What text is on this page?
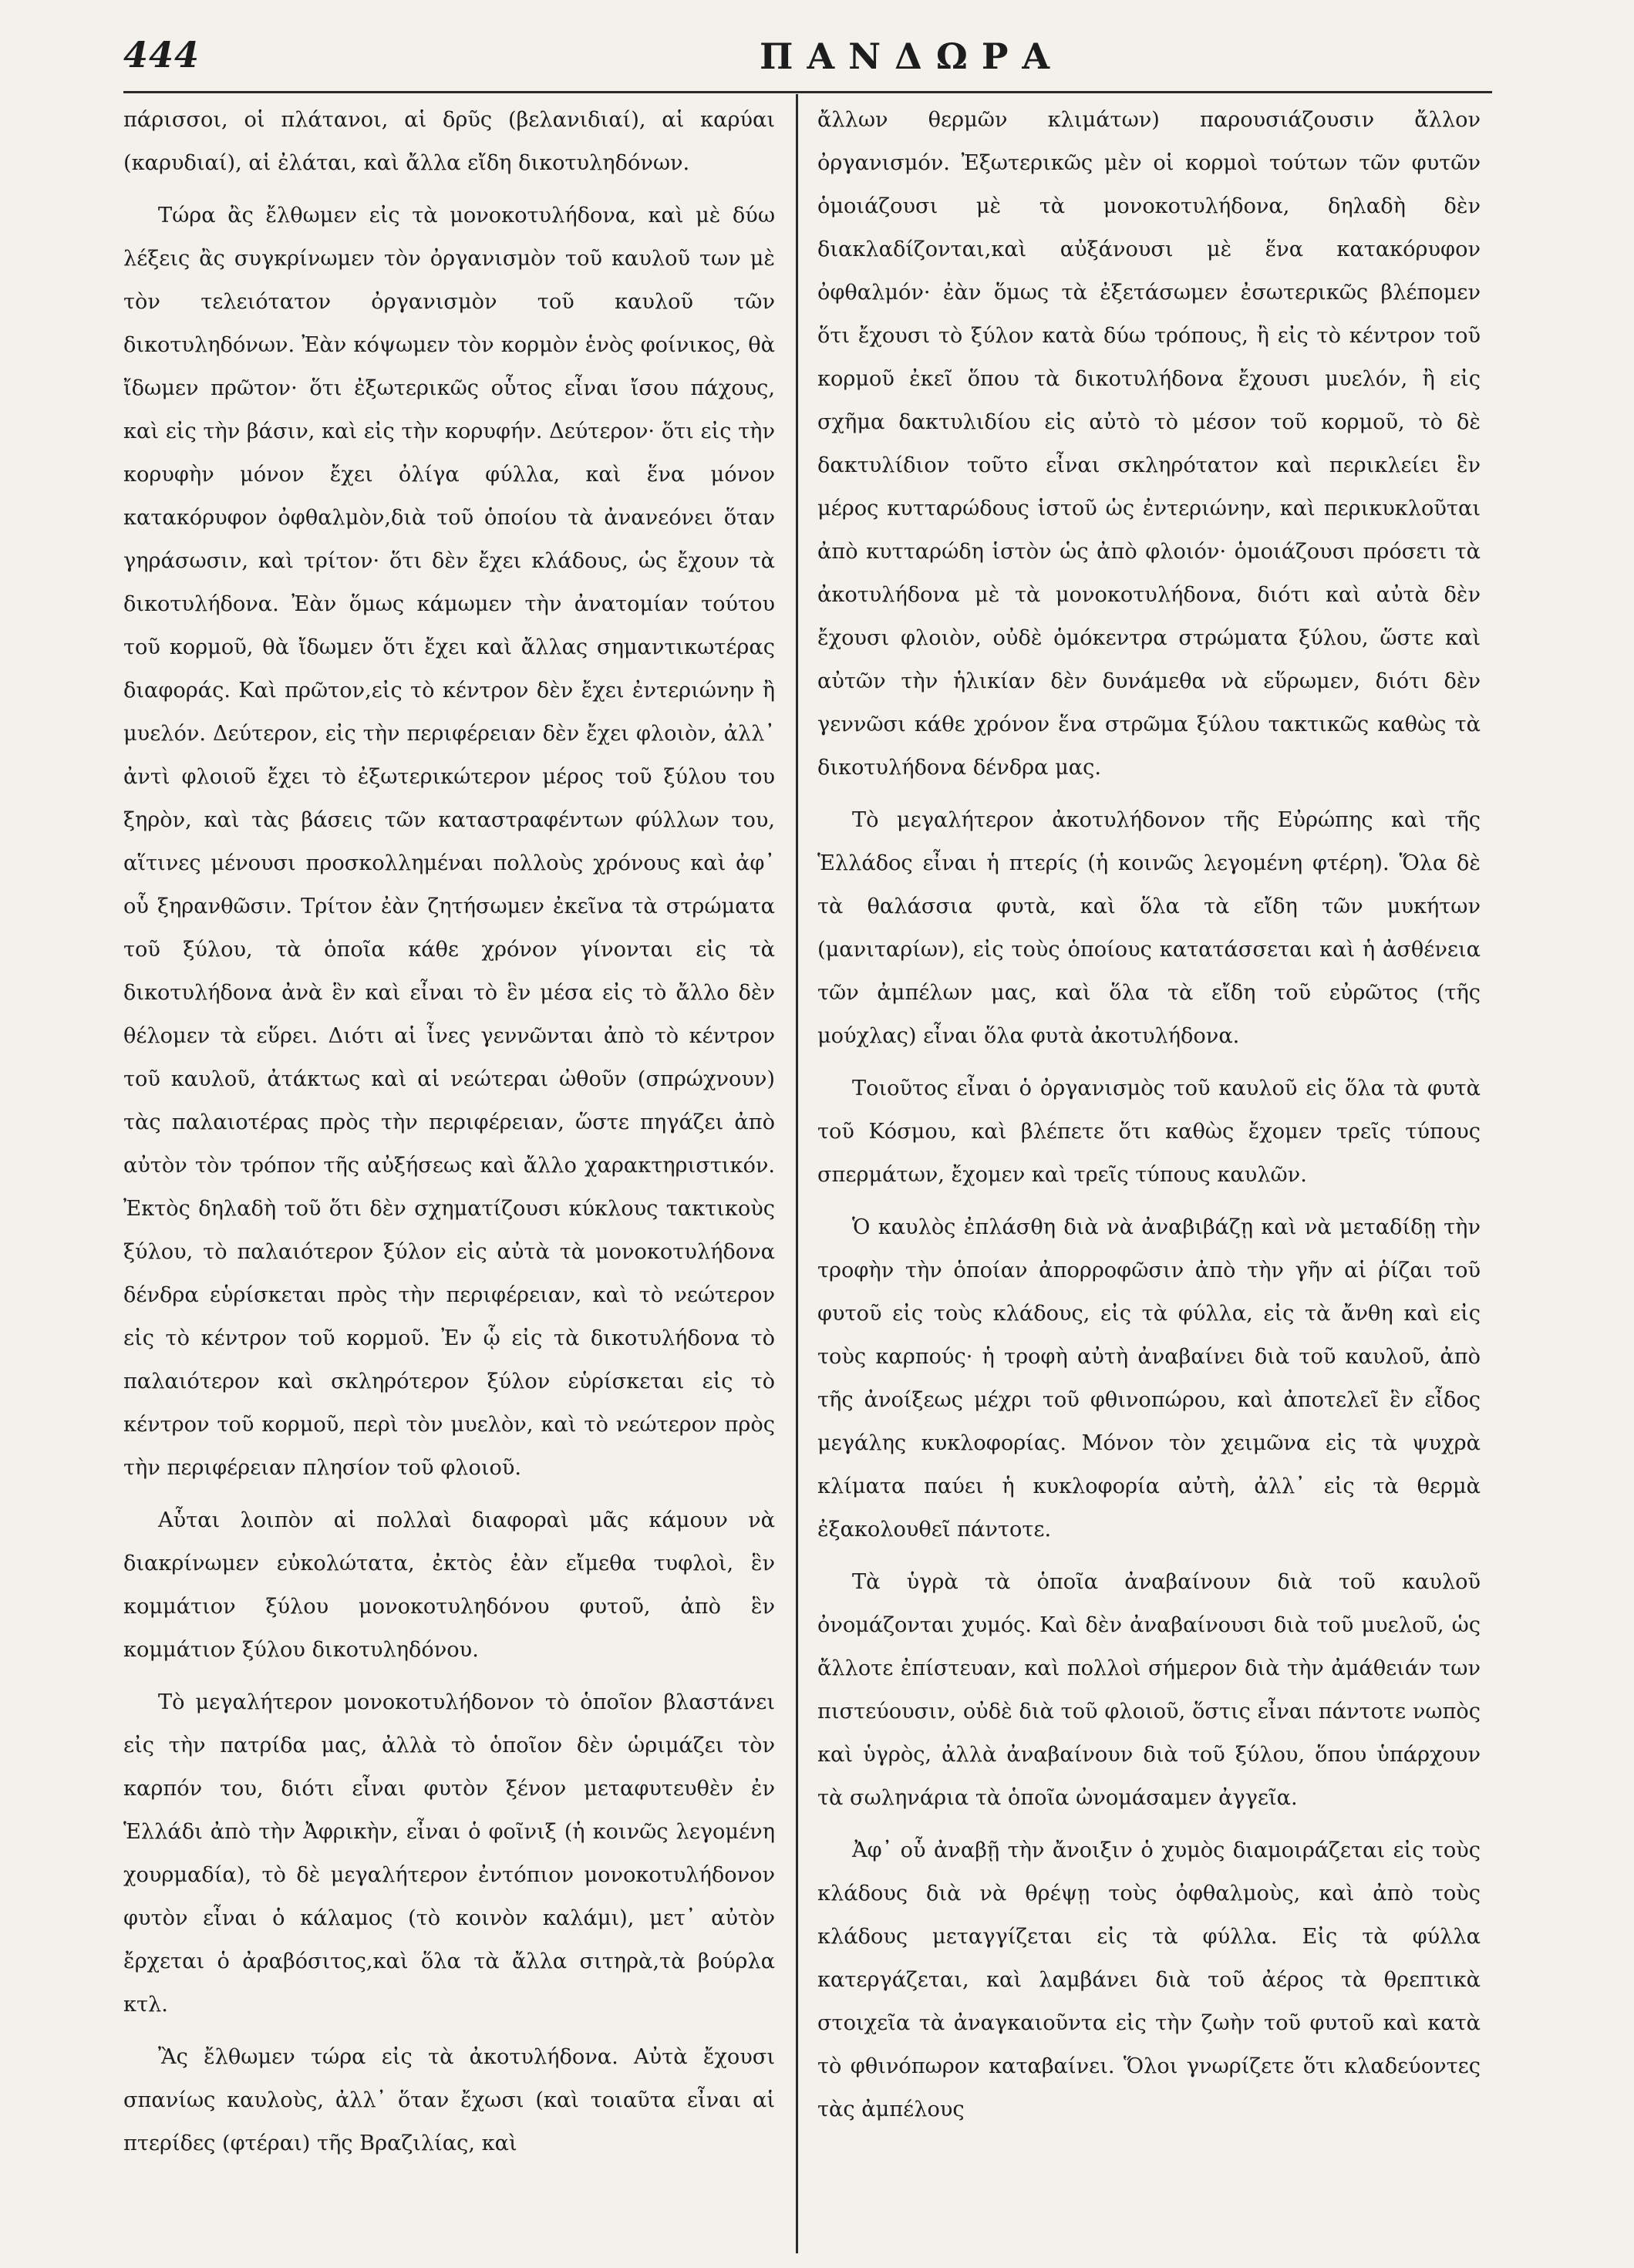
444	ΠΑΝΔΩΡΑ

πάρισσοι, οἱ πλάτανοι, αἱ δρῦς (βελανιδιαί), αἱ καρύαι (καρυδιαί), αἱ ἐλάται, καὶ ἄλλα εἴδη δικοτυληδόνων.

Τώρα ἂς ἔλθωμεν εἰς τὰ μονοκοτυλήδονα, καὶ μὲ δύω λέξεις ἂς συγκρίνωμεν τὸν ὀργανισμὸν τοῦ καυλοῦ των μὲ τὸν τελειότατον ὀργανισμὸν τοῦ καυλοῦ τῶν δικοτυληδόνων. Ἐὰν κόψωμεν τὸν κορμὸν ἑνὸς φοίνικος, θὰ ἴδωμεν πρῶτον· ὅτι ἐξωτερικῶς οὗτος εἶναι ἴσου πάχους, καὶ εἰς τὴν βάσιν, καὶ εἰς τὴν κορυφήν. Δεύτερον· ὅτι εἰς τὴν κορυφὴν μόνον ἔχει ὀλίγα φύλλα, καὶ ἕνα μόνον κατακόρυφον ὀφθαλμὸν,διὰ τοῦ ὁποίου τὰ ἀνανεόνει ὅταν γηράσωσιν, καὶ τρίτον· ὅτι δὲν ἔχει κλάδους, ὡς ἔχουν τὰ δικοτυλήδονα. Ἐὰν ὅμως κάμωμεν τὴν ἀνατομίαν τούτου τοῦ κορμοῦ, θὰ ἴδωμεν ὅτι ἔχει καὶ ἄλλας σημαντικωτέρας διαφοράς. Καὶ πρῶτον,εἰς τὸ κέντρον δὲν ἔχει ἐντεριώνην ἢ μυελόν. Δεύτερον, εἰς τὴν περιφέρειαν δὲν ἔχει φλοιὸν, ἀλλ᾽ ἀντὶ φλοιοῦ ἔχει τὸ ἐξωτερικώτερον μέρος τοῦ ξύλου του ξηρὸν, καὶ τὰς βάσεις τῶν καταστραφέντων φύλλων του, αἵτινες μένουσι προσκολλημέναι πολλοὺς χρόνους καὶ ἀφ᾽ οὗ ξηρανθῶσιν. Τρίτον ἐὰν ζητήσωμεν ἐκεῖνα τὰ στρώματα τοῦ ξύλου, τὰ ὁποῖα κάθε χρόνον γίνονται εἰς τὰ δικοτυλήδονα ἀνὰ ἓν καὶ εἶναι τὸ ἓν μέσα εἰς τὸ ἄλλο δὲν θέλομεν τὰ εὕρει. Διότι αἱ ἶνες γεννῶνται ἀπὸ τὸ κέντρον τοῦ καυλοῦ, ἀτάκτως καὶ αἱ νεώτεραι ὠθοῦν (σπρώχνουν) τὰς παλαιοτέρας πρὸς τὴν περιφέρειαν, ὥστε πηγάζει ἀπὸ αὐτὸν τὸν τρόπον τῆς αὐξήσεως καὶ ἄλλο χαρακτηριστικόν. Ἐκτὸς δηλαδὴ τοῦ ὅτι δὲν σχηματίζουσι κύκλους τακτικοὺς ξύλου, τὸ παλαιότερον ξύλον εἰς αὐτὰ τὰ μονοκοτυλήδονα δένδρα εὑρίσκεται πρὸς τὴν περιφέρειαν, καὶ τὸ νεώτερον εἰς τὸ κέντρον τοῦ κορμοῦ. Ἐν ᾧ εἰς τὰ δικοτυλήδονα τὸ παλαιότερον καὶ σκληρότερον ξύλον εὑρίσκεται εἰς τὸ κέντρον τοῦ κορμοῦ, περὶ τὸν μυελὸν, καὶ τὸ νεώτερον πρὸς τὴν περιφέρειαν πλησίον τοῦ φλοιοῦ.

Αὗται λοιπὸν αἱ πολλαὶ διαφοραὶ μᾶς κάμουν νὰ διακρίνωμεν εὐκολώτατα, ἐκτὸς ἐὰν εἴμεθα τυφλοὶ, ἓν κομμάτιον ξύλου μονοκοτυληδόνου φυτοῦ, ἀπὸ ἓν κομμάτιον ξύλου δικοτυληδόνου.

Τὸ μεγαλήτερον μονοκοτυλήδονον τὸ ὁποῖον βλαστάνει εἰς τὴν πατρίδα μας, ἀλλὰ τὸ ὁποῖον δὲν ὡριμάζει τὸν καρπόν του, διότι εἶναι φυτὸν ξένον μεταφυτευθὲν ἐν Ἑλλάδι ἀπὸ τὴν Ἀφρικὴν, εἶναι ὁ φοῖνιξ (ἡ κοινῶς λεγομένη χουρμαδία), τὸ δὲ μεγαλήτερον ἐντόπιον μονοκοτυλήδονον φυτὸν εἶναι ὁ κάλαμος (τὸ κοινὸν καλάμι), μετ᾽ αὐτὸν ἔρχεται ὁ ἀραβόσιτος,καὶ ὅλα τὰ ἄλλα σιτηρὰ,τὰ βούρλα κτλ.

Ἂς ἔλθωμεν τώρα εἰς τὰ ἀκοτυλήδονα. Αὐτὰ ἔχουσι σπανίως καυλοὺς, ἀλλ᾽ ὅταν ἔχωσι (καὶ τοιαῦτα εἶναι αἱ πτερίδες (φτέραι) τῆς Βραζιλίας, καὶ

ἄλλων θερμῶν κλιμάτων) παρουσιάζουσιν ἄλλον ὀργανισμόν. Ἐξωτερικῶς μὲν οἱ κορμοὶ τούτων τῶν φυτῶν ὁμοιάζουσι μὲ τὰ μονοκοτυλήδονα, δηλαδὴ δὲν διακλαδίζονται,καὶ αὐξάνουσι μὲ ἕνα κατακόρυφον ὀφθαλμόν· ἐὰν ὅμως τὰ ἐξετάσωμεν ἐσωτερικῶς βλέπομεν ὅτι ἔχουσι τὸ ξύλον κατὰ δύω τρόπους, ἢ εἰς τὸ κέντρον τοῦ κορμοῦ ἐκεῖ ὅπου τὰ δικοτυλήδονα ἔχουσι μυελόν, ἢ εἰς σχῆμα δακτυλιδίου εἰς αὐτὸ τὸ μέσον τοῦ κορμοῦ, τὸ δὲ δακτυλίδιον τοῦτο εἶναι σκληρότατον καὶ περικλείει ἓν μέρος κυτταρώδους ἱστοῦ ὡς ἐντεριώνην, καὶ περικυκλοῦται ἀπὸ κυτταρώδη ἱστὸν ὡς ἀπὸ φλοιόν· ὁμοιάζουσι πρόσετι τὰ ἀκοτυλήδονα μὲ τὰ μονοκοτυλήδονα, διότι καὶ αὐτὰ δὲν ἔχουσι φλοιὸν, οὐδὲ ὁμόκεντρα στρώματα ξύλου, ὥστε καὶ αὐτῶν τὴν ἡλικίαν δὲν δυνάμεθα νὰ εὕρωμεν, διότι δὲν γεννῶσι κάθε χρόνον ἕνα στρῶμα ξύλου τακτικῶς καθὼς τὰ δικοτυλήδονα δένδρα μας.

Τὸ μεγαλήτερον ἀκοτυλήδονον τῆς Εὐρώπης καὶ τῆς Ἑλλάδος εἶναι ἡ πτερίς (ἡ κοινῶς λεγομένη φτέρη). Ὅλα δὲ τὰ θαλάσσια φυτὰ, καὶ ὅλα τὰ εἴδη τῶν μυκήτων (μανιταρίων), εἰς τοὺς ὁποίους κατατάσσεται καὶ ἡ ἀσθένεια τῶν ἀμπέλων μας, καὶ ὅλα τὰ εἴδη τοῦ εὐρῶτος (τῆς μούχλας) εἶναι ὅλα φυτὰ ἀκοτυλήδονα.

Τοιοῦτος εἶναι ὁ ὀργανισμὸς τοῦ καυλοῦ εἰς ὅλα τὰ φυτὰ τοῦ Κόσμου, καὶ βλέπετε ὅτι καθὼς ἔχομεν τρεῖς τύπους σπερμάτων, ἔχομεν καὶ τρεῖς τύπους καυλῶν.

Ὁ καυλὸς ἐπλάσθη διὰ νὰ ἀναβιβάζῃ καὶ νὰ μεταδίδῃ τὴν τροφὴν τὴν ὁποίαν ἀπορροφῶσιν ἀπὸ τὴν γῆν αἱ ῥίζαι τοῦ φυτοῦ εἰς τοὺς κλάδους, εἰς τὰ φύλλα, εἰς τὰ ἄνθη καὶ εἰς τοὺς καρπούς· ἡ τροφὴ αὐτὴ ἀναβαίνει διὰ τοῦ καυλοῦ, ἀπὸ τῆς ἀνοίξεως μέχρι τοῦ φθινοπώρου, καὶ ἀποτελεῖ ἓν εἶδος μεγάλης κυκλοφορίας. Μόνον τὸν χειμῶνα εἰς τὰ ψυχρὰ κλίματα παύει ἡ κυκλοφορία αὐτὴ, ἀλλ᾽ εἰς τὰ θερμὰ ἐξακολουθεῖ πάντοτε.

Τὰ ὑγρὰ τὰ ὁποῖα ἀναβαίνουν διὰ τοῦ καυλοῦ ὀνομάζονται χυμός. Καὶ δὲν ἀναβαίνουσι διὰ τοῦ μυελοῦ, ὡς ἄλλοτε ἐπίστευαν, καὶ πολλοὶ σήμερον διὰ τὴν ἀμάθειάν των πιστεύουσιν, οὐδὲ διὰ τοῦ φλοιοῦ, ὅστις εἶναι πάντοτε νωπὸς καὶ ὑγρὸς, ἀλλὰ ἀναβαίνουν διὰ τοῦ ξύλου, ὅπου ὑπάρχουν τὰ σωληνάρια τὰ ὁποῖα ὠνομάσαμεν ἀγγεῖα.

Ἀφ᾽ οὗ ἀναβῇ τὴν ἄνοιξιν ὁ χυμὸς διαμοιράζεται εἰς τοὺς κλάδους διὰ νὰ θρέψῃ τοὺς ὀφθαλμοὺς, καὶ ἀπὸ τοὺς κλάδους μεταγγίζεται εἰς τὰ φύλλα. Εἰς τὰ φύλλα κατεργάζεται, καὶ λαμβάνει διὰ τοῦ ἀέρος τὰ θρεπτικὰ στοιχεῖα τὰ ἀναγκαιοῦντα εἰς τὴν ζωὴν τοῦ φυτοῦ καὶ κατὰ τὸ φθινόπωρον καταβαίνει. Ὅλοι γνωρίζετε ὅτι κλαδεύοντες τὰς ἀμπέλους
